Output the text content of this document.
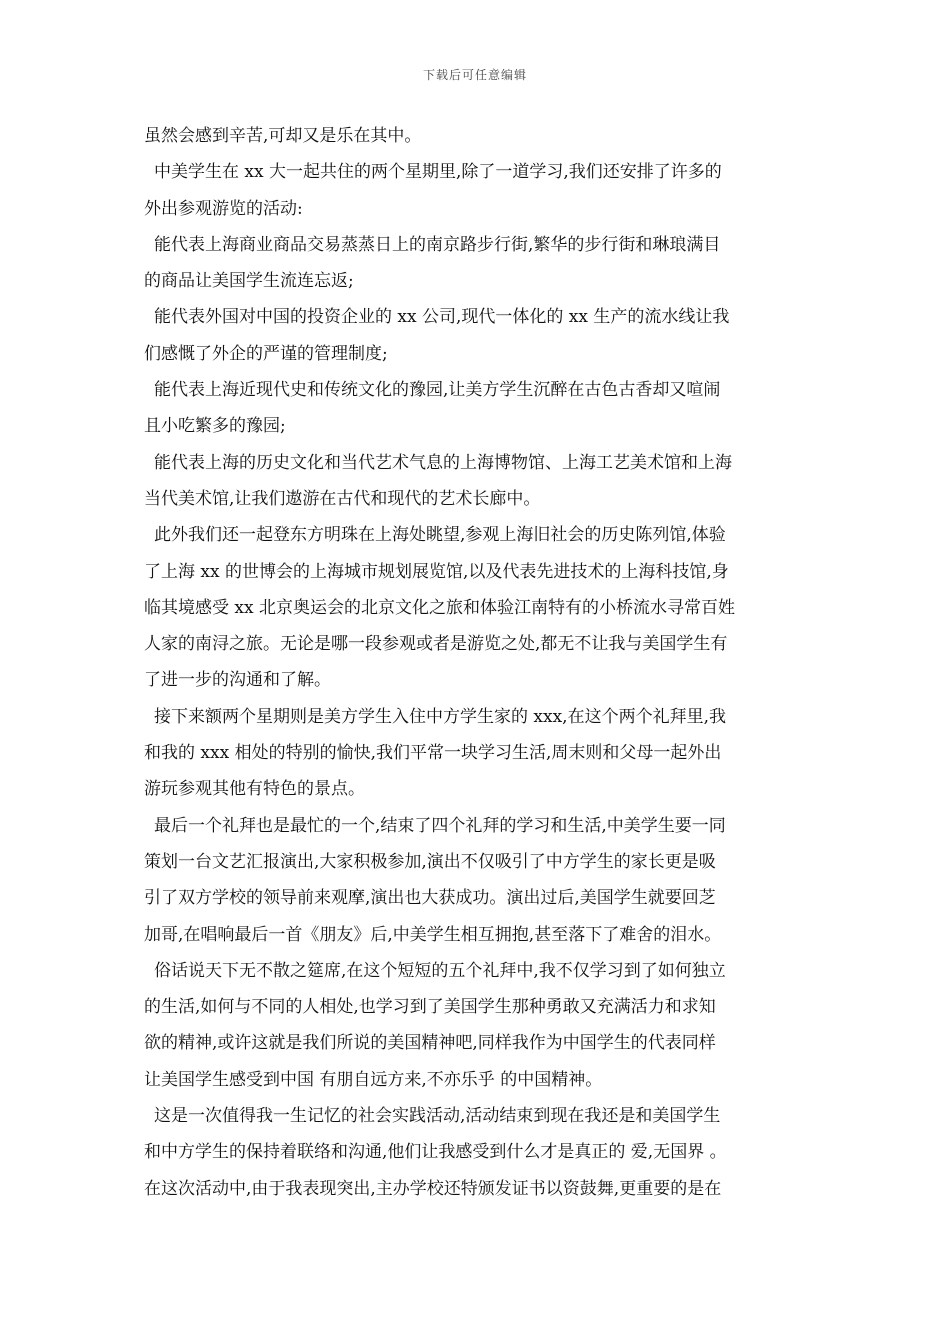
下载后可任意编辑
虽然会感到辛苦,可却又是乐在其中。
中美学生在 xx 大一起共住的两个星期里,除了一道学习,我们还安排了许多的
外出参观游览的活动:
能代表上海商业商品交易蒸蒸日上的南京路步行街,繁华的步行街和琳琅满目
的商品让美国学生流连忘返;
能代表外国对中国的投资企业的 xx 公司,现代一体化的 xx 生产的流水线让我
们感慨了外企的严谨的管理制度;
能代表上海近现代史和传统文化的豫园,让美方学生沉醉在古色古香却又喧闹
且小吃繁多的豫园;
能代表上海的历史文化和当代艺术气息的上海博物馆、上海工艺美术馆和上海
当代美术馆,让我们遨游在古代和现代的艺术长廊中。
此外我们还一起登东方明珠在上海处眺望,参观上海旧社会的历史陈列馆,体验
了上海 xx 的世博会的上海城市规划展览馆,以及代表先进技术的上海科技馆,身
临其境感受 xx 北京奥运会的北京文化之旅和体验江南特有的小桥流水寻常百姓
人家的南浔之旅。无论是哪一段参观或者是游览之处,都无不让我与美国学生有
了进一步的沟通和了解。
接下来额两个星期则是美方学生入住中方学生家的 xxx,在这个两个礼拜里,我
和我的 xxx 相处的特别的愉快,我们平常一块学习生活,周末则和父母一起外出
游玩参观其他有特色的景点。
最后一个礼拜也是最忙的一个,结束了四个礼拜的学习和生活,中美学生要一同
策划一台文艺汇报演出,大家积极参加,演出不仅吸引了中方学生的家长更是吸
引了双方学校的领导前来观摩,演出也大获成功。演出过后,美国学生就要回芝
加哥,在唱响最后一首《朋友》后,中美学生相互拥抱,甚至落下了难舍的泪水。
俗话说天下无不散之筵席,在这个短短的五个礼拜中,我不仅学习到了如何独立
的生活,如何与不同的人相处,也学习到了美国学生那种勇敢又充满活力和求知
欲的精神,或许这就是我们所说的美国精神吧,同样我作为中国学生的代表同样
让美国学生感受到中国 有朋自远方来,不亦乐乎 的中国精神。
这是一次值得我一生记忆的社会实践活动,活动结束到现在我还是和美国学生
和中方学生的保持着联络和沟通,他们让我感受到什么才是真正的 爱,无国界 。
在这次活动中,由于我表现突出,主办学校还特颁发证书以资鼓舞,更重要的是在
